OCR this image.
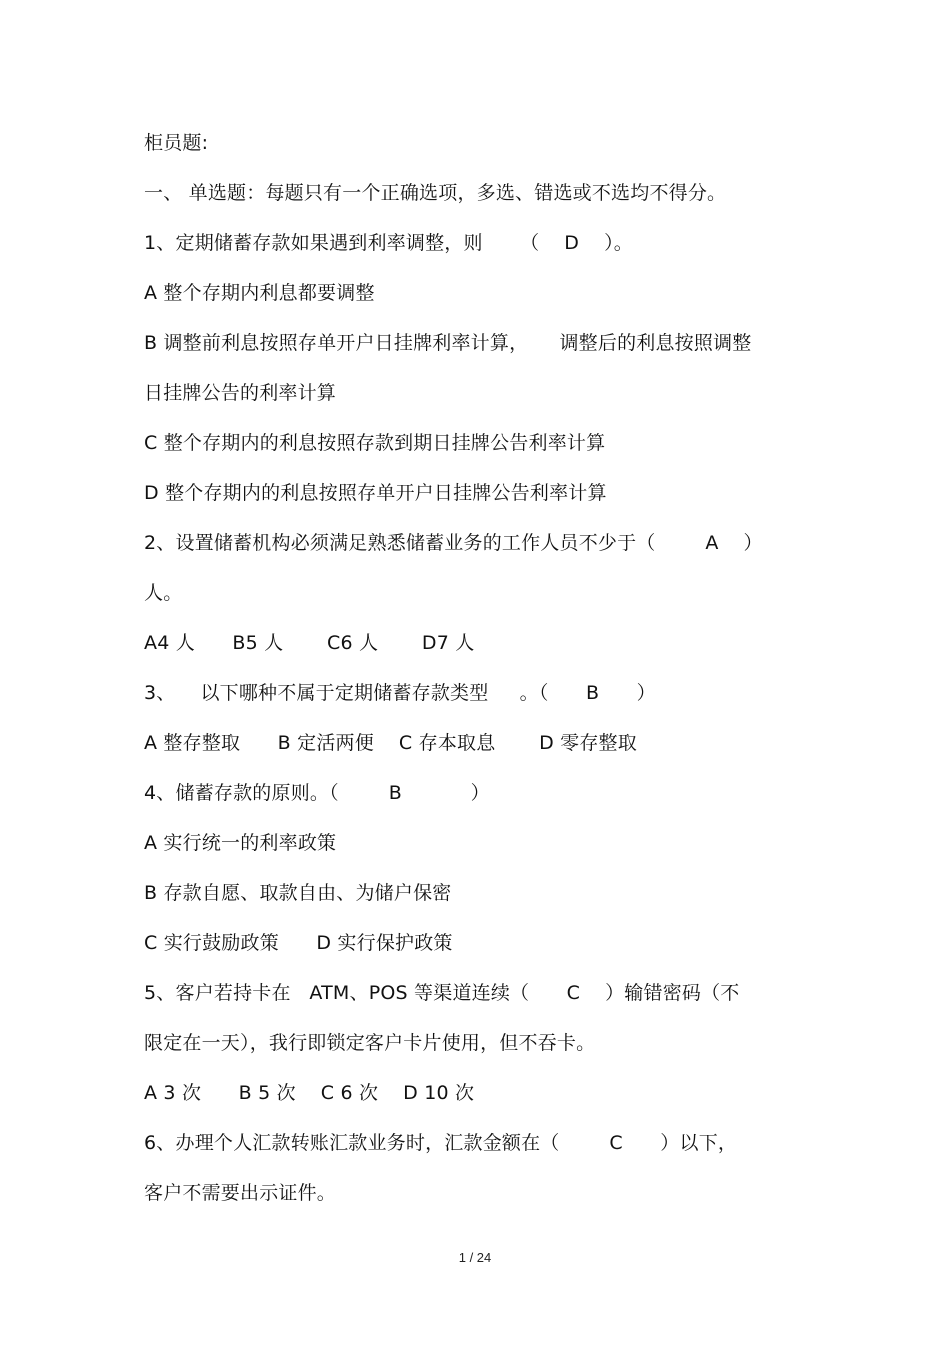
柜员题:
一、 单选题：每题只有一个正确选项，多选、错选或不选均不得分。
1、定期储蓄存款如果遇到利率调整，则      （    D    ）。
A 整个存期内利息都要调整
B 调整前利息按照存单开户日挂牌利率计算，     调整后的利息按照调整
日挂牌公告的利率计算
C 整个存期内的利息按照存款到期日挂牌公告利率计算
D 整个存期内的利息按照存单开户日挂牌公告利率计算
2、设置储蓄机构必须满足熟悉储蓄业务的工作人员不少于（        A    ）
人。
A4 人      B5 人       C6 人       D7 人
3、    以下哪种不属于定期储蓄存款类型     。（      B      ）
A 整存整取      B 定活两便    C 存本取息       D 零存整取
4、储蓄存款的原则。（        B           ）
A 实行统一的利率政策
B 存款自愿、取款自由、为储户保密
C 实行鼓励政策      D 实行保护政策
5、客户若持卡在   ATM、POS 等渠道连续（      C    ）输错密码（不
限定在一天），我行即锁定客户卡片使用，但不吞卡。
A 3 次      B 5 次    C 6 次    D 10 次
6、办理个人汇款转账汇款业务时，汇款金额在（        C      ）以下，
客户不需要出示证件。
1 / 24
